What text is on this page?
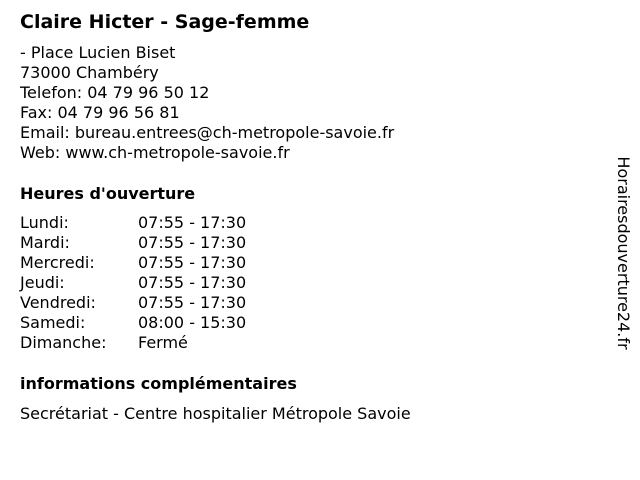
Claire Hicter - Sage-femme
- Place Lucien Biset
73000 Chambéry
Telefon: 04 79 96 50 12
Fax: 04 79 96 56 81
Email: bureau.entrees@ch-metropole-savoie.fr
Web: www.ch-metropole-savoie.fr
Heures d'ouverture
Lundi:	07:55 - 17:30
Mardi:	07:55 - 17:30
Mercredi:	07:55 - 17:30
Jeudi:	07:55 - 17:30
Vendredi:	07:55 - 17:30
Samedi:	08:00 - 15:30
Dimanche:	Fermé
informations complémentaires
Secrétariat - Centre hospitalier Métropole Savoie
Horairesdouverture24.fr
